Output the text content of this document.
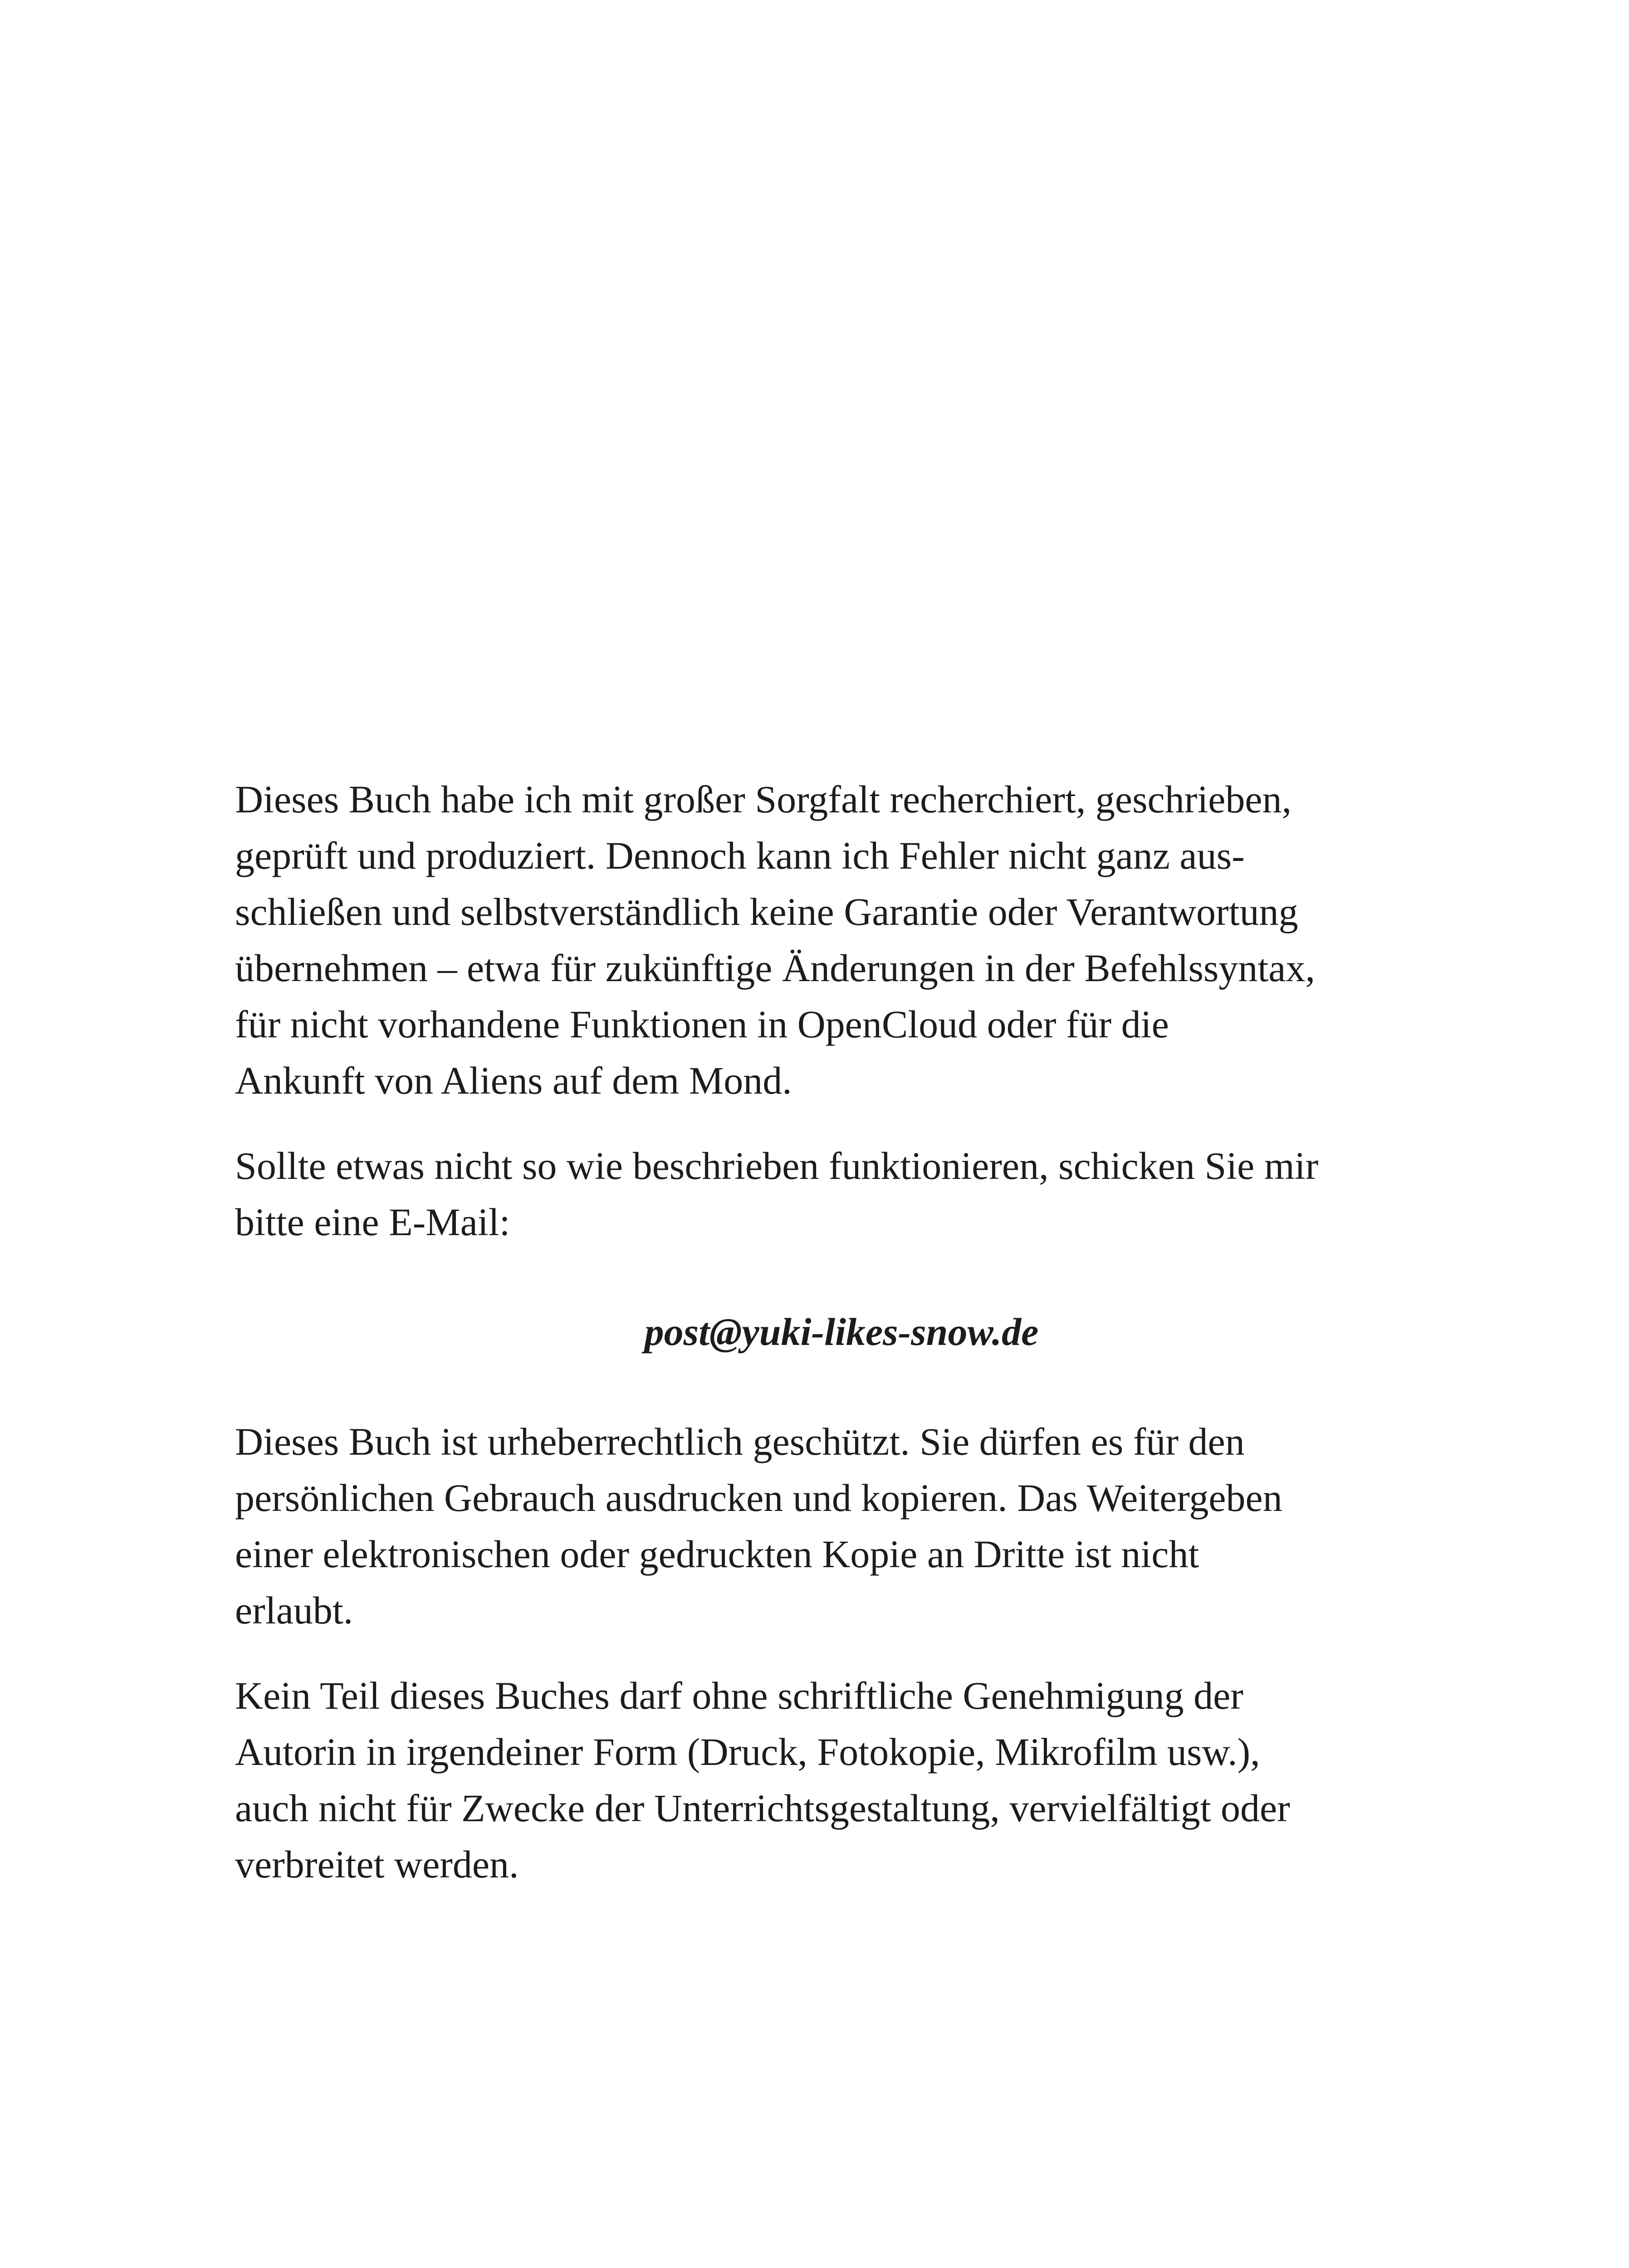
Dieses Buch habe ich mit großer Sorgfalt recherchiert, geschrieben,
geprüft und produziert. Dennoch kann ich Fehler nicht ganz aus-
schließen und selbstverständlich keine Garantie oder Verantwortung
übernehmen – etwa für zukünftige Änderungen in der Befehlssyntax,
für nicht vorhandene Funktionen in OpenCloud oder für die
Ankunft von Aliens auf dem Mond.

Sollte etwas nicht so wie beschrieben funktionieren, schicken Sie mir
bitte eine E-Mail:

post@yuki-likes-snow.de

Dieses Buch ist urheberrechtlich geschützt. Sie dürfen es für den
persönlichen Gebrauch ausdrucken und kopieren. Das Weitergeben
einer elektronischen oder gedruckten Kopie an Dritte ist nicht
erlaubt.

Kein Teil dieses Buches darf ohne schriftliche Genehmigung der
Autorin in irgendeiner Form (Druck, Fotokopie, Mikrofilm usw.),
auch nicht für Zwecke der Unterrichtsgestaltung, vervielfältigt oder
verbreitet werden.
